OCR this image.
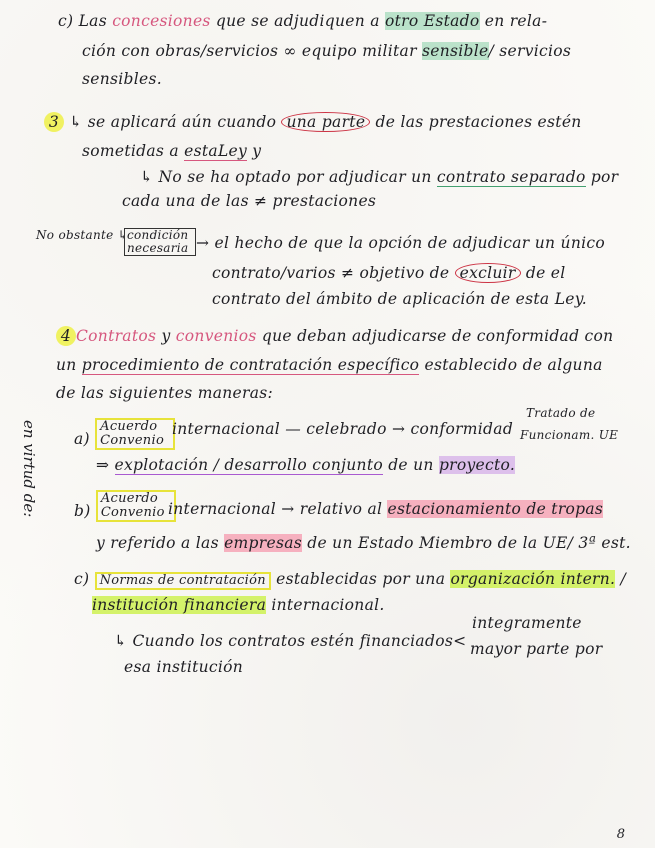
c) Las concesiones que se adjudiquen a otro Estado en rela-
ción con obras/servicios ∞ equipo militar sensible/ servicios
sensibles.
3 ↳ se aplicará aún cuando una parte de las prestaciones estén
sometidas a estaLey y
↳ No se ha optado por adjudicar un contrato separado por
cada una de las ≠ prestaciones
No obstante ↳
condición necesaria → el hecho de que la opción de adjudicar un único
contrato/varios ≠ objetivo de excluir de el
contrato del ámbito de aplicación de esta Ley.
4 Contratos y convenios que deban adjudicarse de conformidad con
un procedimiento de contratación específico establecido de alguna
de las siguientes maneras:
a) Acuerdo Convenio
internacional — celebrado → conformidad
Tratado de
Funcionam. UE
⇒ explotación / desarrollo conjunto de un proyecto.
en virtud de: b) Acuerdo Convenio internacional → relativo al estacionamiento de tropas
y referido a las empresas de un Estado Miembro de la UE/ 3ª est.
c) Normas de contratación establecidas por una organización intern. /
institución financiera internacional.
↳ Cuando los contratos estén financiados<
integramente
mayor parte por
esa institución
8
